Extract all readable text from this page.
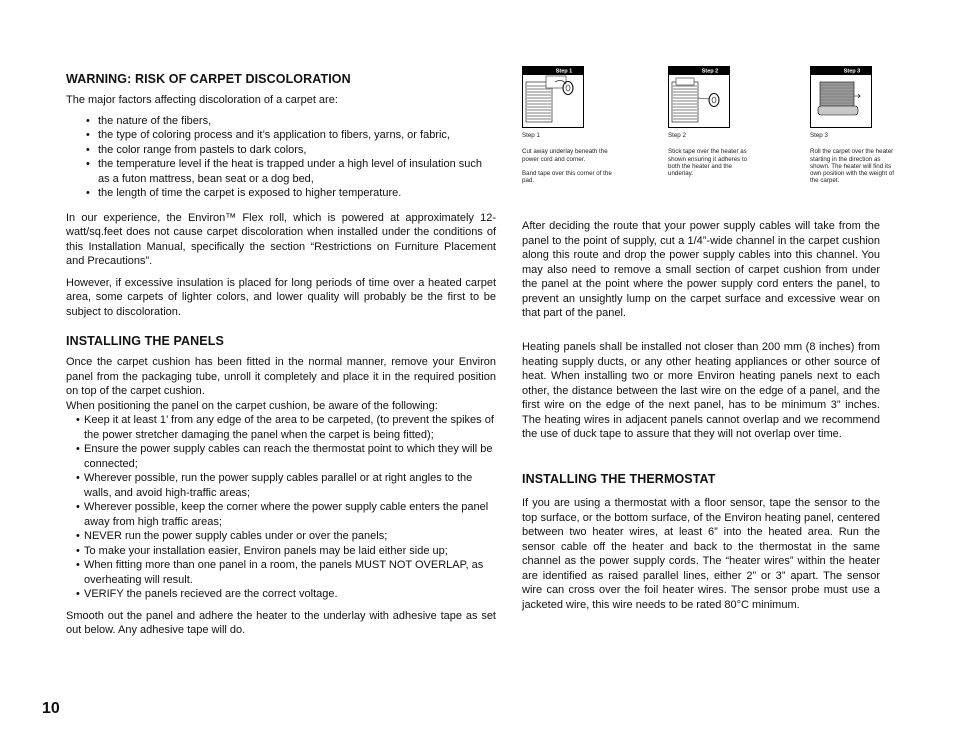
WARNING: RISK OF CARPET DISCOLORATION

The major factors affecting discoloration of a carpet are:

• the nature of the fibers,
• the type of coloring process and it’s application to fibers, yarns, or fabric,
• the color range from pastels to dark colors,
• the temperature level if the heat is trapped under a high level of insulation such as a futon mattress, bean seat or a dog bed,
• the length of time the carpet is exposed to higher temperature.

In our experience, the Environ™ Flex roll, which is powered at approximately 12-watt/sq.feet does not cause carpet discoloration when installed under the conditions of this Installation Manual, specifically the section “Restrictions on Furniture Placement and Precautions”.

However, if excessive insulation is placed for long periods of time over a heated carpet area, some carpets of lighter colors, and lower quality will probably be the first to be subject to discoloration.

INSTALLING THE PANELS

Once the carpet cushion has been fitted in the normal manner, remove your Environ panel from the packaging tube, unroll it completely and place it in the required position on top of the carpet cushion.

When positioning the panel on the carpet cushion, be aware of the following:

• Keep it at least 1’ from any edge of the area to be carpeted, (to prevent the spikes of the power stretcher damaging the panel when the carpet is being fitted);
• Ensure the power supply cables can reach the thermostat point to which they will be connected;
• Wherever possible, run the power supply cables parallel or at right angles to the walls, and avoid high-traffic areas;
• Wherever possible, keep the corner where the power supply cable enters the panel away from high traffic areas;
• NEVER run the power supply cables under or over the panels;
• To make your installation easier, Environ panels may be laid either side up;
• When fitting more than one panel in a room, the panels MUST NOT OVERLAP, as overheating will result.
• VERIFY the panels recieved are the correct voltage.

Smooth out the panel and adhere the heater to the underlay with adhesive tape as set out below. Any adhesive tape will do.

Step 1
Step 1
Cut away underlay beneath the power cord and corner.
Band tape over this corner of the pad.
Step 2
Step 2
Stick tape over the heater as shown ensuring it adheres to both the heater and the underlay.
Step 3
Step 3
Roll the carpet over the heater starting in the direction as shown. The heater will find its own position with the weight of the carpet.

After deciding the route that your power supply cables will take from the panel to the point of supply, cut a 1/4”-wide channel in the carpet cushion along this route and drop the power supply cables into this channel. You may also need to remove a small section of carpet cushion from under the panel at the point where the power supply cord enters the panel, to prevent an unsightly lump on the carpet surface and excessive wear on that part of the panel.

Heating panels shall be installed not closer than 200 mm (8 inches) from heating supply ducts, or any other heating appliances or other source of heat. When installing two or more Environ heating panels next to each other, the distance between the last wire on the edge of a panel, and the first wire on the edge of the next panel, has to be minimum 3” inches. The heating wires in adjacent panels cannot overlap and we recommend the use of duck tape to assure that they will not overlap over time.

INSTALLING THE THERMOSTAT

If you are using a thermostat with a floor sensor, tape the sensor to the top surface, or the bottom surface, of the Environ heating panel, centered between two heater wires, at least 6” into the heated area. Run the sensor cable off the heater and back to the thermostat in the same channel as the power supply cords. The “heater wires” within the heater are identified as raised parallel lines, either 2” or 3” apart. The sensor wire can cross over the foil heater wires. The sensor probe must use a jacketed wire, this wire needs to be rated 80°C minimum.

10
